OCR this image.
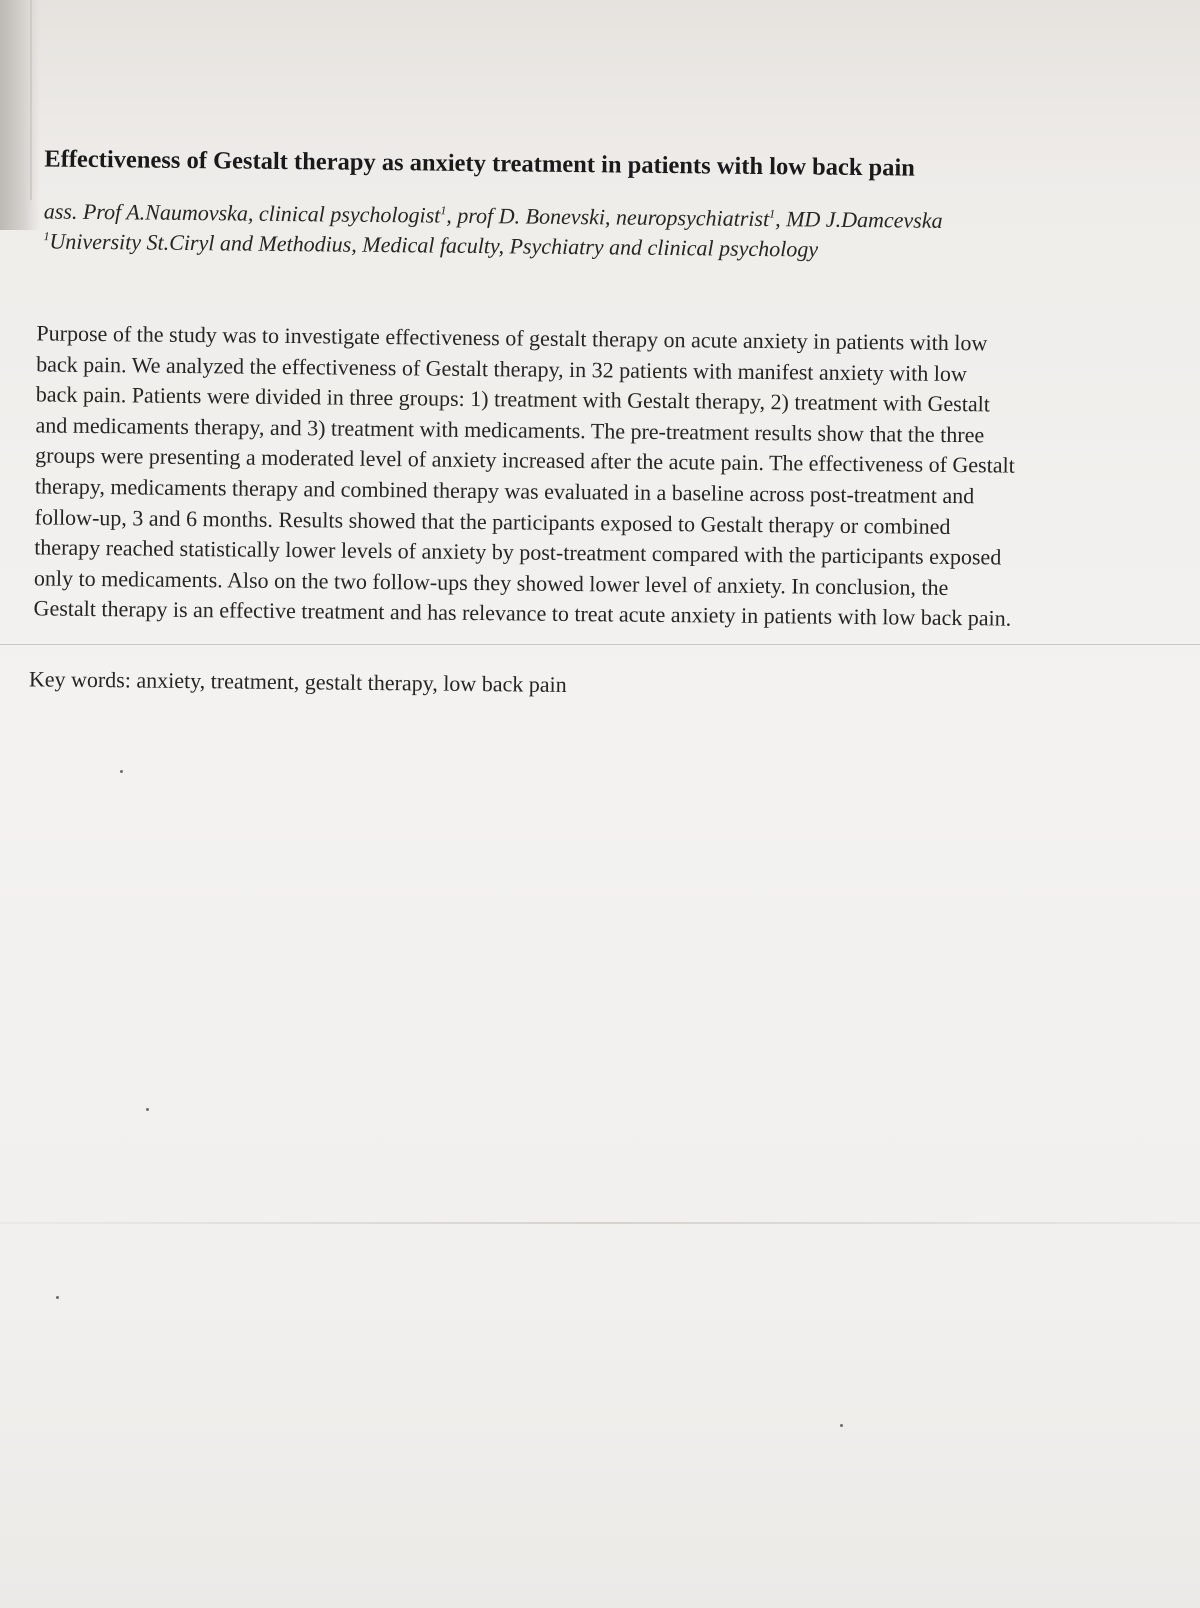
Effectiveness of Gestalt therapy as anxiety treatment in patients with low back pain
ass. Prof A.Naumovska, clinical psychologist$^1$, prof D. Bonevski, neuropsychiatrist$^1$, MD J.Damcevska
$^1$University St.Ciryl and Methodius, Medical faculty, Psychiatry and clinical psychology
Purpose of the study was to investigate effectiveness of gestalt therapy on acute anxiety in patients with low
back pain. We analyzed the effectiveness of Gestalt therapy, in 32 patients with manifest anxiety with low
back pain. Patients were divided in three groups: 1) treatment with Gestalt therapy, 2) treatment with Gestalt
and medicaments therapy, and 3) treatment with medicaments. The pre-treatment results show that the three
groups were presenting a moderated level of anxiety increased after the acute pain. The effectiveness of Gestalt
therapy, medicaments therapy and combined therapy was evaluated in a baseline across post-treatment and
follow-up, 3 and 6 months. Results showed that the participants exposed to Gestalt therapy or combined
therapy reached statistically lower levels of anxiety by post-treatment compared with the participants exposed
only to medicaments. Also on the two follow-ups they showed lower level of anxiety. In conclusion, the
Gestalt therapy is an effective treatment and has relevance to treat acute anxiety in patients with low back pain.
Key words: anxiety, treatment, gestalt therapy, low back pain
